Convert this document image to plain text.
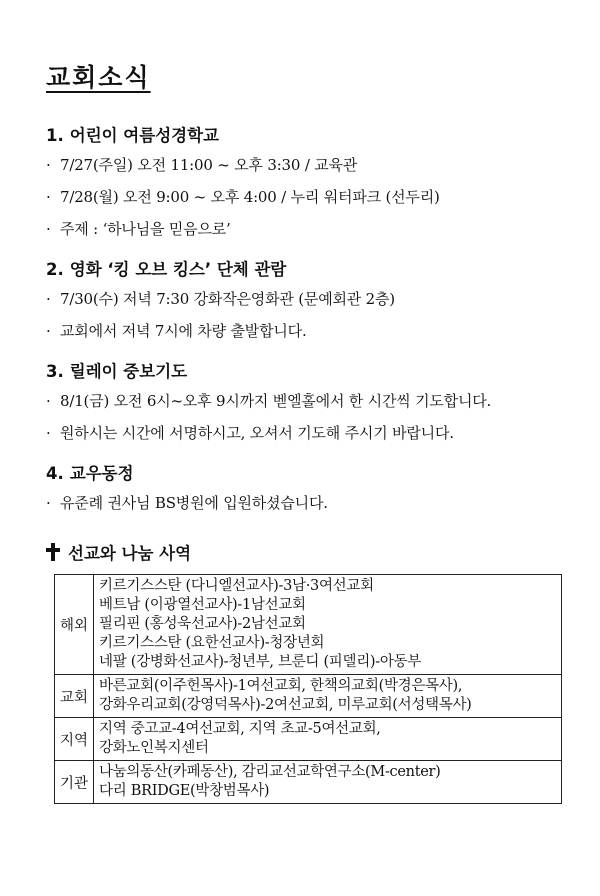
교회소식
1. 어린이 여름성경학교
· 7/27(주일) 오전 11:00 ~ 오후 3:30 / 교육관
· 7/28(월) 오전 9:00 ~ 오후 4:00 / 누리 워터파크 (선두리)
· 주제 : ‘하나님을 믿음으로’
2. 영화 ‘킹 오브 킹스’ 단체 관람
· 7/30(수) 저녁 7:30 강화작은영화관 (문예회관 2층)
· 교회에서 저녁 7시에 차량 출발합니다.
3. 릴레이 중보기도
· 8/1(금) 오전 6시~오후 9시까지 벧엘홀에서 한 시간씩 기도합니다.
· 원하시는 시간에 서명하시고, 오셔서 기도해 주시기 바랍니다.
4. 교우동정
· 유준례 권사님 BS병원에 입원하셨습니다.
선교와 나눔 사역
해외	키르기스스탄 (다니엘선교사)-3남·3여선교회
베트남 (이광열선교사)-1남선교회
필리핀 (홍성욱선교사)-2남선교회
키르기스스탄 (요한선교사)-청장년회
네팔 (강병화선교사)-청년부, 브룬디 (피델리)-아동부

교회	바른교회(이주헌목사)-1여선교회, 한책의교회(박경은목사),
강화우리교회(강영덕목사)-2여선교회, 미루교회(서성택목사)

지역	지역 중고교-4여선교회, 지역 초교-5여선교회,
강화노인복지센터

기관	나눔의동산(카페동산), 감리교선교학연구소(M-center)
다리 BRIDGE(박창범목사)
